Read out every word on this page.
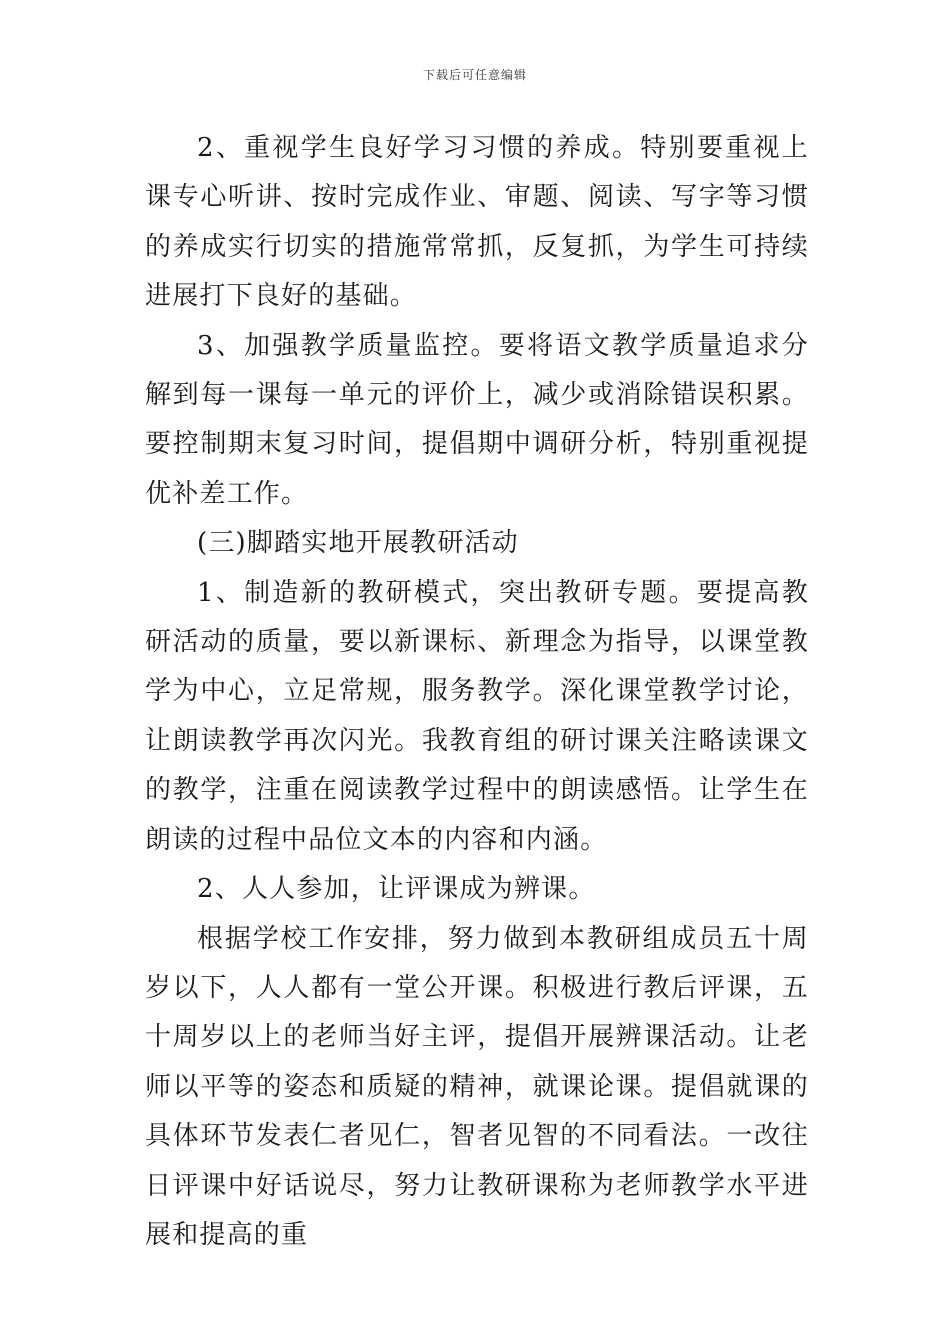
下载后可任意编辑

2、重视学生良好学习习惯的养成。特别要重视上课专心听讲、按时完成作业、审题、阅读、写字等习惯的养成实行切实的措施常常抓，反复抓，为学生可持续进展打下良好的基础。

3、加强教学质量监控。要将语文教学质量追求分解到每一课每一单元的评价上，减少或消除错误积累。要控制期末复习时间，提倡期中调研分析，特别重视提优补差工作。

(三)脚踏实地开展教研活动

1、制造新的教研模式，突出教研专题。要提高教研活动的质量，要以新课标、新理念为指导，以课堂教学为中心，立足常规，服务教学。深化课堂教学讨论，让朗读教学再次闪光。我教育组的研讨课关注略读课文的教学，注重在阅读教学过程中的朗读感悟。让学生在朗读的过程中品位文本的内容和内涵。

2、人人参加，让评课成为辨课。

根据学校工作安排，努力做到本教研组成员五十周岁以下，人人都有一堂公开课。积极进行教后评课，五十周岁以上的老师当好主评，提倡开展辨课活动。让老师以平等的姿态和质疑的精神，就课论课。提倡就课的具体环节发表仁者见仁，智者见智的不同看法。一改往日评课中好话说尽，努力让教研课称为老师教学水平进展和提高的重
